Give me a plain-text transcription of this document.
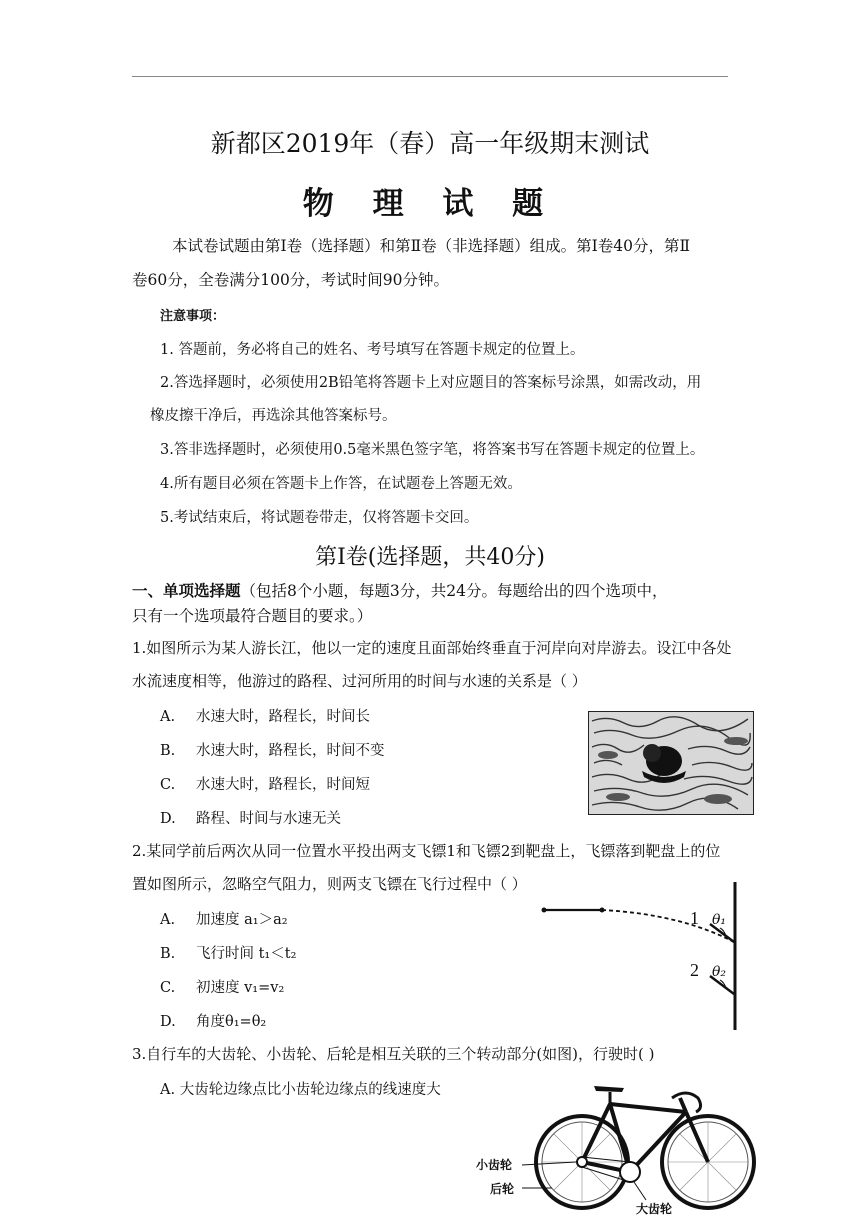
新都区2019年（春）高一年级期末测试
物 理 试 题
本试卷试题由第Ⅰ卷（选择题）和第Ⅱ卷（非选择题）组成。第Ⅰ卷40分，第Ⅱ
卷60分，全卷满分100分，考试时间90分钟。
注意事项：
1. 答题前，务必将自己的姓名、考号填写在答题卡规定的位置上。
2.答选择题时，必须使用2B铅笔将答题卡上对应题目的答案标号涂黑，如需改动，用
橡皮擦干净后，再选涂其他答案标号。
3.答非选择题时，必须使用0.5毫米黑色签字笔，将答案书写在答题卡规定的位置上。
4.所有题目必须在答题卡上作答，在试题卷上答题无效。
5.考试结束后，将试题卷带走，仅将答题卡交回。
第Ⅰ卷(选择题，共40分)
一、单项选择题（包括8个小题，每题3分，共24分。每题给出的四个选项中，
只有一个选项最符合题目的要求。）
1.如图所示为某人游长江，他以一定的速度且面部始终垂直于河岸向对岸游去。设江中各处
水流速度相等，他游过的路程、过河所用的时间与水速的关系是（ ）
A. 水速大时，路程长，时间长
B. 水速大时，路程长，时间不变
C. 水速大时，路程长，时间短
D. 路程、时间与水速无关
2.某同学前后两次从同一位置水平投出两支飞镖1和飞镖2到靶盘上，飞镖落到靶盘上的位
置如图所示，忽略空气阻力，则两支飞镖在飞行过程中（ ）
A. 加速度 a₁＞a₂
B. 飞行时间 t₁＜t₂
C. 初速度 v₁=v₂
D. 角度θ₁=θ₂
1 θ₁
2 θ₂
3.自行车的大齿轮、小齿轮、后轮是相互关联的三个转动部分(如图)，行驶时( )
A. 大齿轮边缘点比小齿轮边缘点的线速度大
小齿轮
后轮
大齿轮
